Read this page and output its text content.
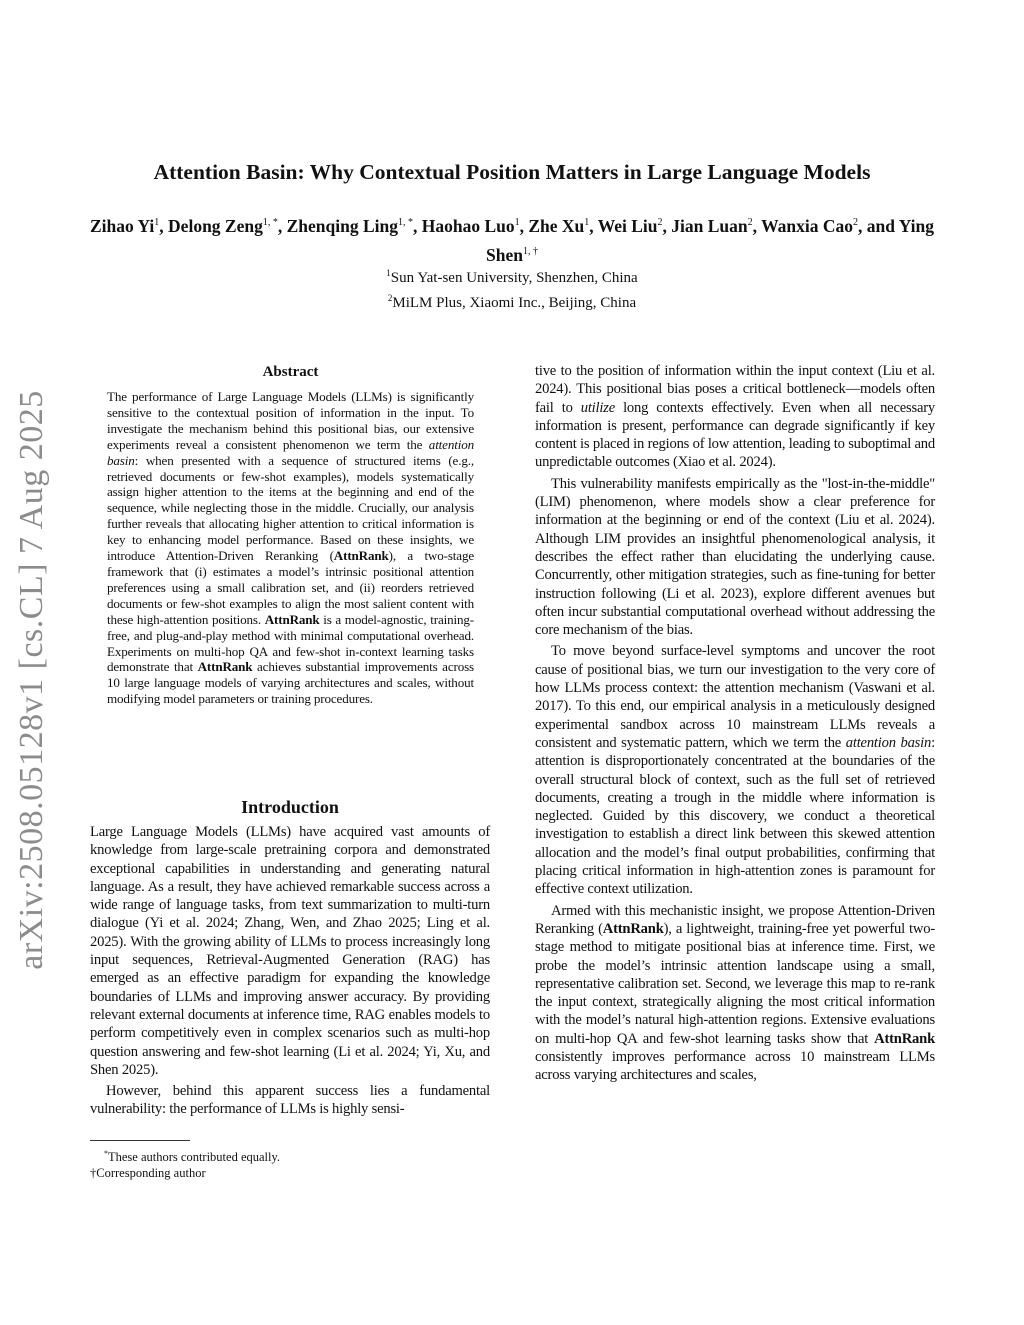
arXiv:2508.05128v1 [cs.CL] 7 Aug 2025
Attention Basin: Why Contextual Position Matters in Large Language Models
Zihao Yi$^1$, Delong Zeng$^{1, *}$, Zhenqing Ling$^{1, *}$, Haohao Luo$^1$, Zhe Xu$^1$, Wei Liu$^2$, Jian Luan$^2$, Wanxia Cao$^2$, and Ying Shen$^{1, \dagger}$
$^1$Sun Yat-sen University, Shenzhen, China
$^2$MiLM Plus, Xiaomi Inc., Beijing, China
Abstract
The performance of Large Language Models (LLMs) is significantly sensitive to the contextual position of information in the input. To investigate the mechanism behind this positional bias, our extensive experiments reveal a consistent phenomenon we term the attention basin: when presented with a sequence of structured items (e.g., retrieved documents or few-shot examples), models systematically assign higher attention to the items at the beginning and end of the sequence, while neglecting those in the middle. Crucially, our analysis further reveals that allocating higher attention to critical information is key to enhancing model performance. Based on these insights, we introduce Attention-Driven Reranking (AttnRank), a two-stage framework that (i) estimates a model’s intrinsic positional attention preferences using a small calibration set, and (ii) reorders retrieved documents or few-shot examples to align the most salient content with these high-attention positions. AttnRank is a model-agnostic, training-free, and plug-and-play method with minimal computational overhead. Experiments on multi-hop QA and few-shot in-context learning tasks demonstrate that AttnRank achieves substantial improvements across 10 large language models of varying architectures and scales, without modifying model parameters or training procedures.
Introduction

Large Language Models (LLMs) have acquired vast amounts of knowledge from large-scale pretraining corpora and demonstrated exceptional capabilities in understanding and generating natural language. As a result, they have achieved remarkable success across a wide range of language tasks, from text summarization to multi-turn dialogue (Yi et al. 2024; Zhang, Wen, and Zhao 2025; Ling et al. 2025). With the growing ability of LLMs to process increasingly long input sequences, Retrieval-Augmented Generation (RAG) has emerged as an effective paradigm for expanding the knowledge boundaries of LLMs and improving answer accuracy. By providing relevant external documents at inference time, RAG enables models to perform competitively even in complex scenarios such as multi-hop question answering and few-shot learning (Li et al. 2024; Yi, Xu, and Shen 2025).

However, behind this apparent success lies a fundamental vulnerability: the performance of LLMs is highly sensi-

tive to the position of information within the input context (Liu et al. 2024). This positional bias poses a critical bottleneck—models often fail to utilize long contexts effectively. Even when all necessary information is present, performance can degrade significantly if key content is placed in regions of low attention, leading to suboptimal and unpredictable outcomes (Xiao et al. 2024).

This vulnerability manifests empirically as the "lost-in-the-middle" (LIM) phenomenon, where models show a clear preference for information at the beginning or end of the context (Liu et al. 2024). Although LIM provides an insightful phenomenological analysis, it describes the effect rather than elucidating the underlying cause. Concurrently, other mitigation strategies, such as fine-tuning for better instruction following (Li et al. 2023), explore different avenues but often incur substantial computational overhead without addressing the core mechanism of the bias.

To move beyond surface-level symptoms and uncover the root cause of positional bias, we turn our investigation to the very core of how LLMs process context: the attention mechanism (Vaswani et al. 2017). To this end, our empirical analysis in a meticulously designed experimental sandbox across 10 mainstream LLMs reveals a consistent and systematic pattern, which we term the attention basin: attention is disproportionately concentrated at the boundaries of the overall structural block of context, such as the full set of retrieved documents, creating a trough in the middle where information is neglected. Guided by this discovery, we conduct a theoretical investigation to establish a direct link between this skewed attention allocation and the model’s final output probabilities, confirming that placing critical information in high-attention zones is paramount for effective context utilization.

Armed with this mechanistic insight, we propose Attention-Driven Reranking (AttnRank), a lightweight, training-free yet powerful two-stage method to mitigate positional bias at inference time. First, we probe the model’s intrinsic attention landscape using a small, representative calibration set. Second, we leverage this map to re-rank the input context, strategically aligning the most critical information with the model’s natural high-attention regions. Extensive evaluations on multi-hop QA and few-shot learning tasks show that AttnRank consistently improves performance across 10 mainstream LLMs across varying architectures and scales,

*These authors contributed equally.
†Corresponding author
